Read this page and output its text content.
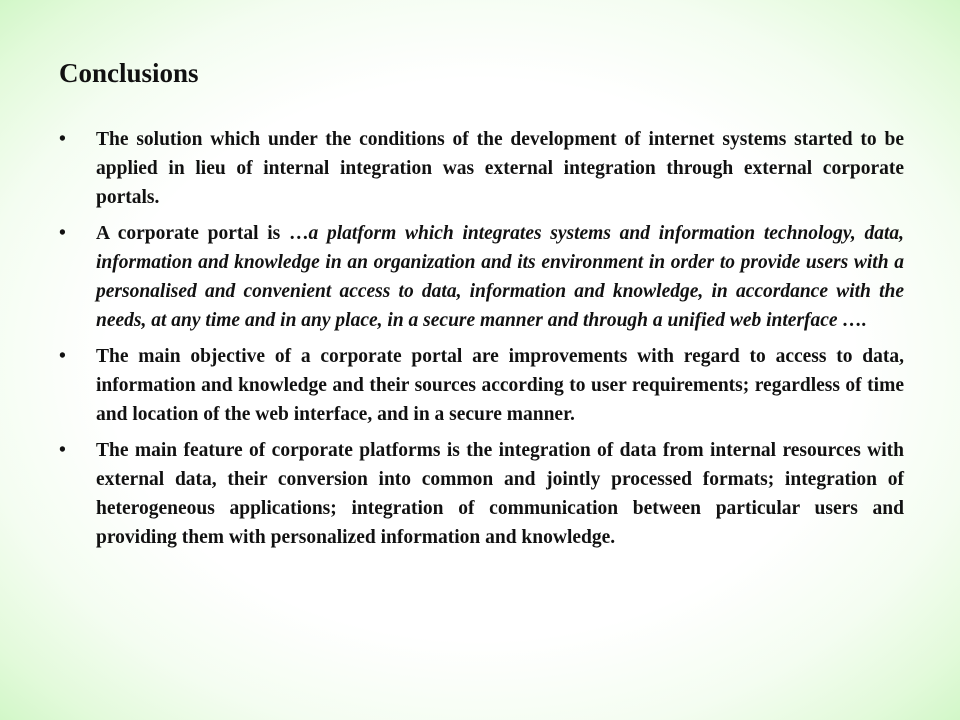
Conclusions
•	The solution which under the conditions of the development of internet systems started to be applied in lieu of internal integration was external integration through external corporate portals.
•	A corporate portal is …a platform which integrates systems and information technology, data, information and knowledge in an organization and its environment in order to provide users with a personalised and convenient access to data, information and knowledge, in accordance with the needs, at any time and in any place, in a secure manner and through a unified web interface ….
•	The main objective of a corporate portal are improvements with regard to access to data, information and knowledge and their sources according to user requirements; regardless of time and location of the web interface, and in a secure manner.
•	The main feature of corporate platforms is the integration of data from internal resources with external data, their conversion into common and jointly processed formats; integration of heterogeneous applications; integration of communication between particular users and providing them with personalized information and knowledge.
